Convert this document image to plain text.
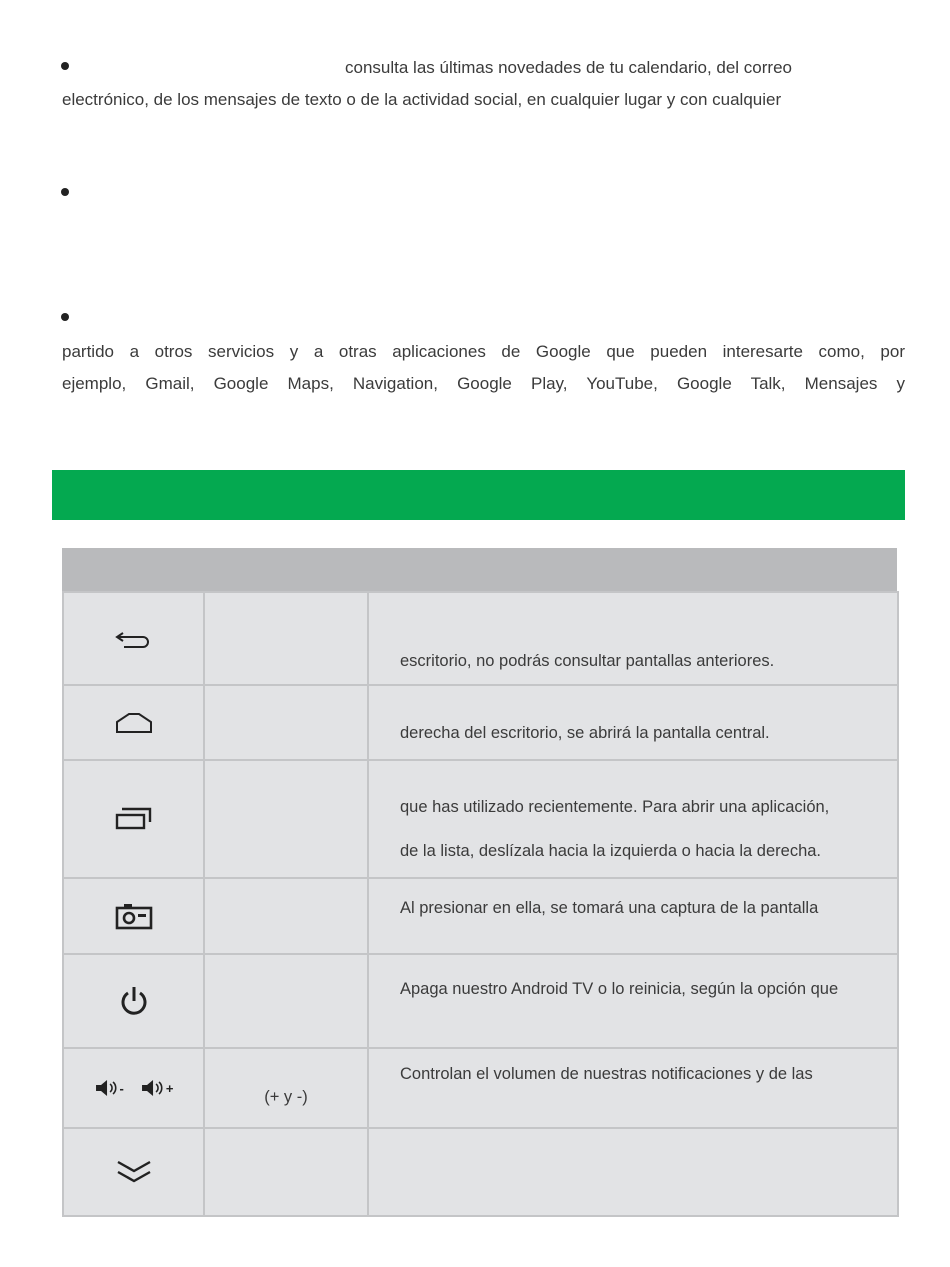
consulta las últimas novedades de tu calendario, del correo
electrónico, de los mensajes de texto o de la actividad social, en cualquier lugar y con cualquier
partido a otros servicios y a otras aplicaciones de Google que pueden interesarte como, por
ejemplo, Gmail, Google Maps, Navigation, Google Play, YouTube, Google Talk, Mensajes y

escritorio, no podrás consultar pantallas anteriores.

derecha del escritorio, se abrirá la pantalla central.

que has utilizado recientemente. Para abrir una aplicación,
de la lista, deslízala hacia la izquierda o hacia la derecha.

Al presionar en ella, se tomará una captura de la pantalla

Apaga nuestro Android TV o lo reinicia, según la opción que

- +	(+ y -)	Controlan el volumen de nuestras notificaciones y de las
